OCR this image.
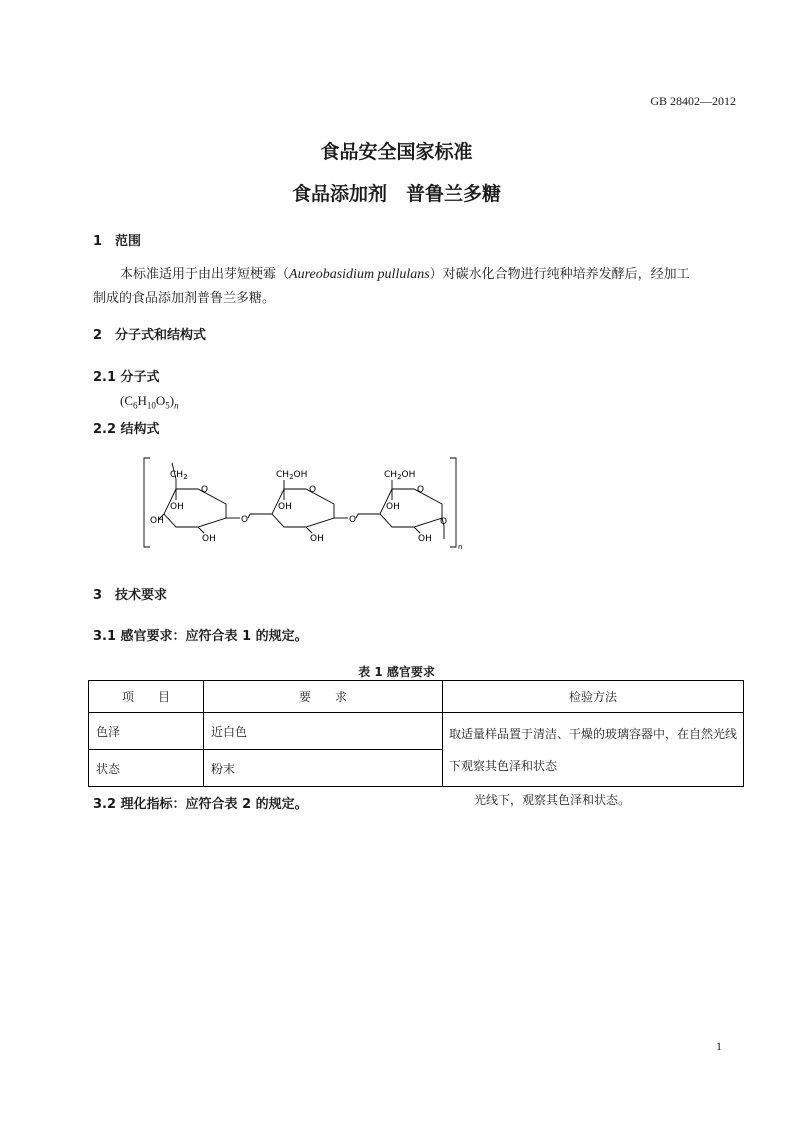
GB 28402—2012
食品安全国家标准
食品添加剂　普鲁兰多糖
1　范围
本标准适用于由出芽短梗霉（Aureobasidium pullulans）对碳水化合物进行纯种培养发酵后，经加工
制成的食品添加剂普鲁兰多糖。
2　分子式和结构式
2.1 分子式
$(C_6H_{10}O_5)_n$
2.2 结构式
$CH_2$
O
OH
OH
OH
O
$CH_2OH$
O
OH
OH
O
$CH_2OH$
O
OH
OH
O
n
3　技术要求
3.1 感官要求：应符合表 1 的规定。
表 1 感官要求
项　　目	要　　求	检验方法
色泽	近白色	取适量样品置于清洁、干燥的玻璃容器中，在自然光线
下观察其色泽和状态

状态	粉末	
3.2 理化指标：应符合表 2 的规定。	光线下，观察其色泽和状态。
1
